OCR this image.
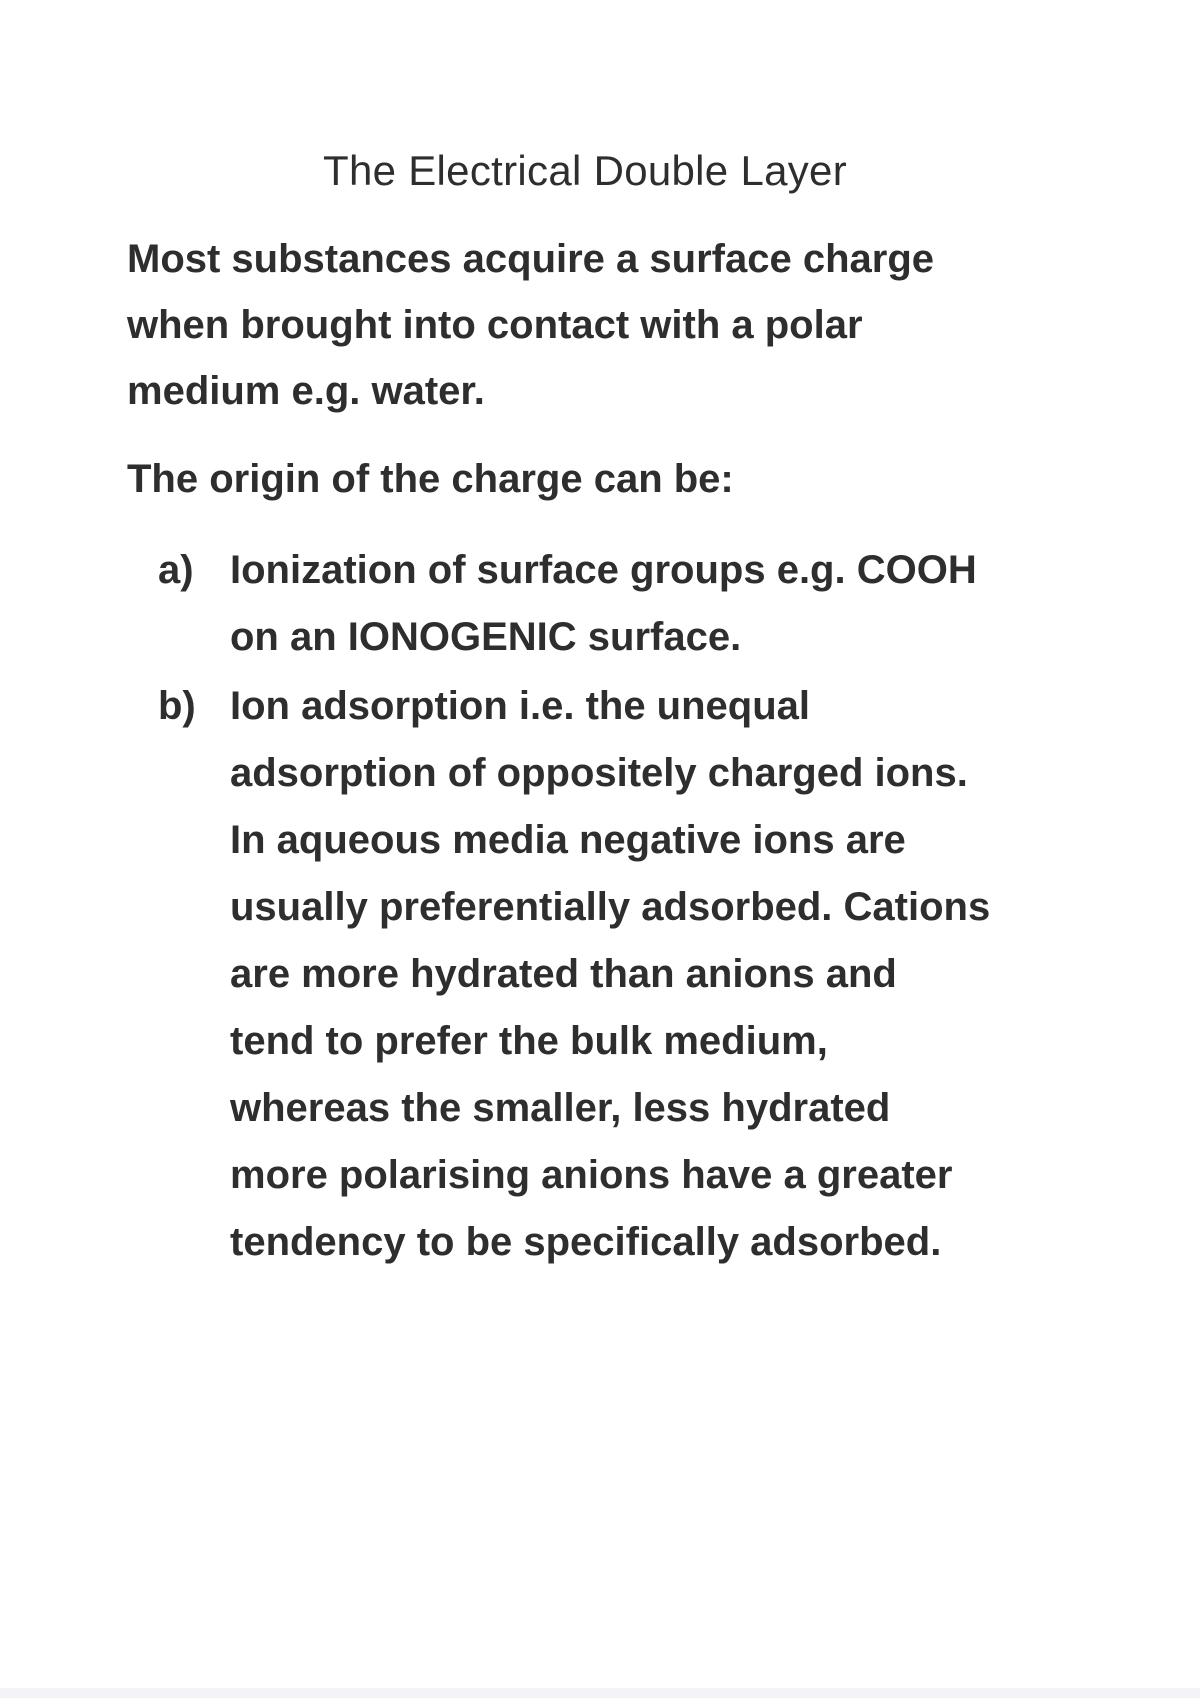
The Electrical Double Layer

Most substances acquire a surface charge
when brought into contact with a polar
medium e.g. water.

The origin of the charge can be:

a) Ionization of surface groups e.g. COOH
on an IONOGENIC surface.
b) Ion adsorption i.e. the unequal
adsorption of oppositely charged ions.
In aqueous media negative ions are
usually preferentially adsorbed. Cations
are more hydrated than anions and
tend to prefer the bulk medium,
whereas the smaller, less hydrated
more polarising anions have a greater
tendency to be specifically adsorbed.
